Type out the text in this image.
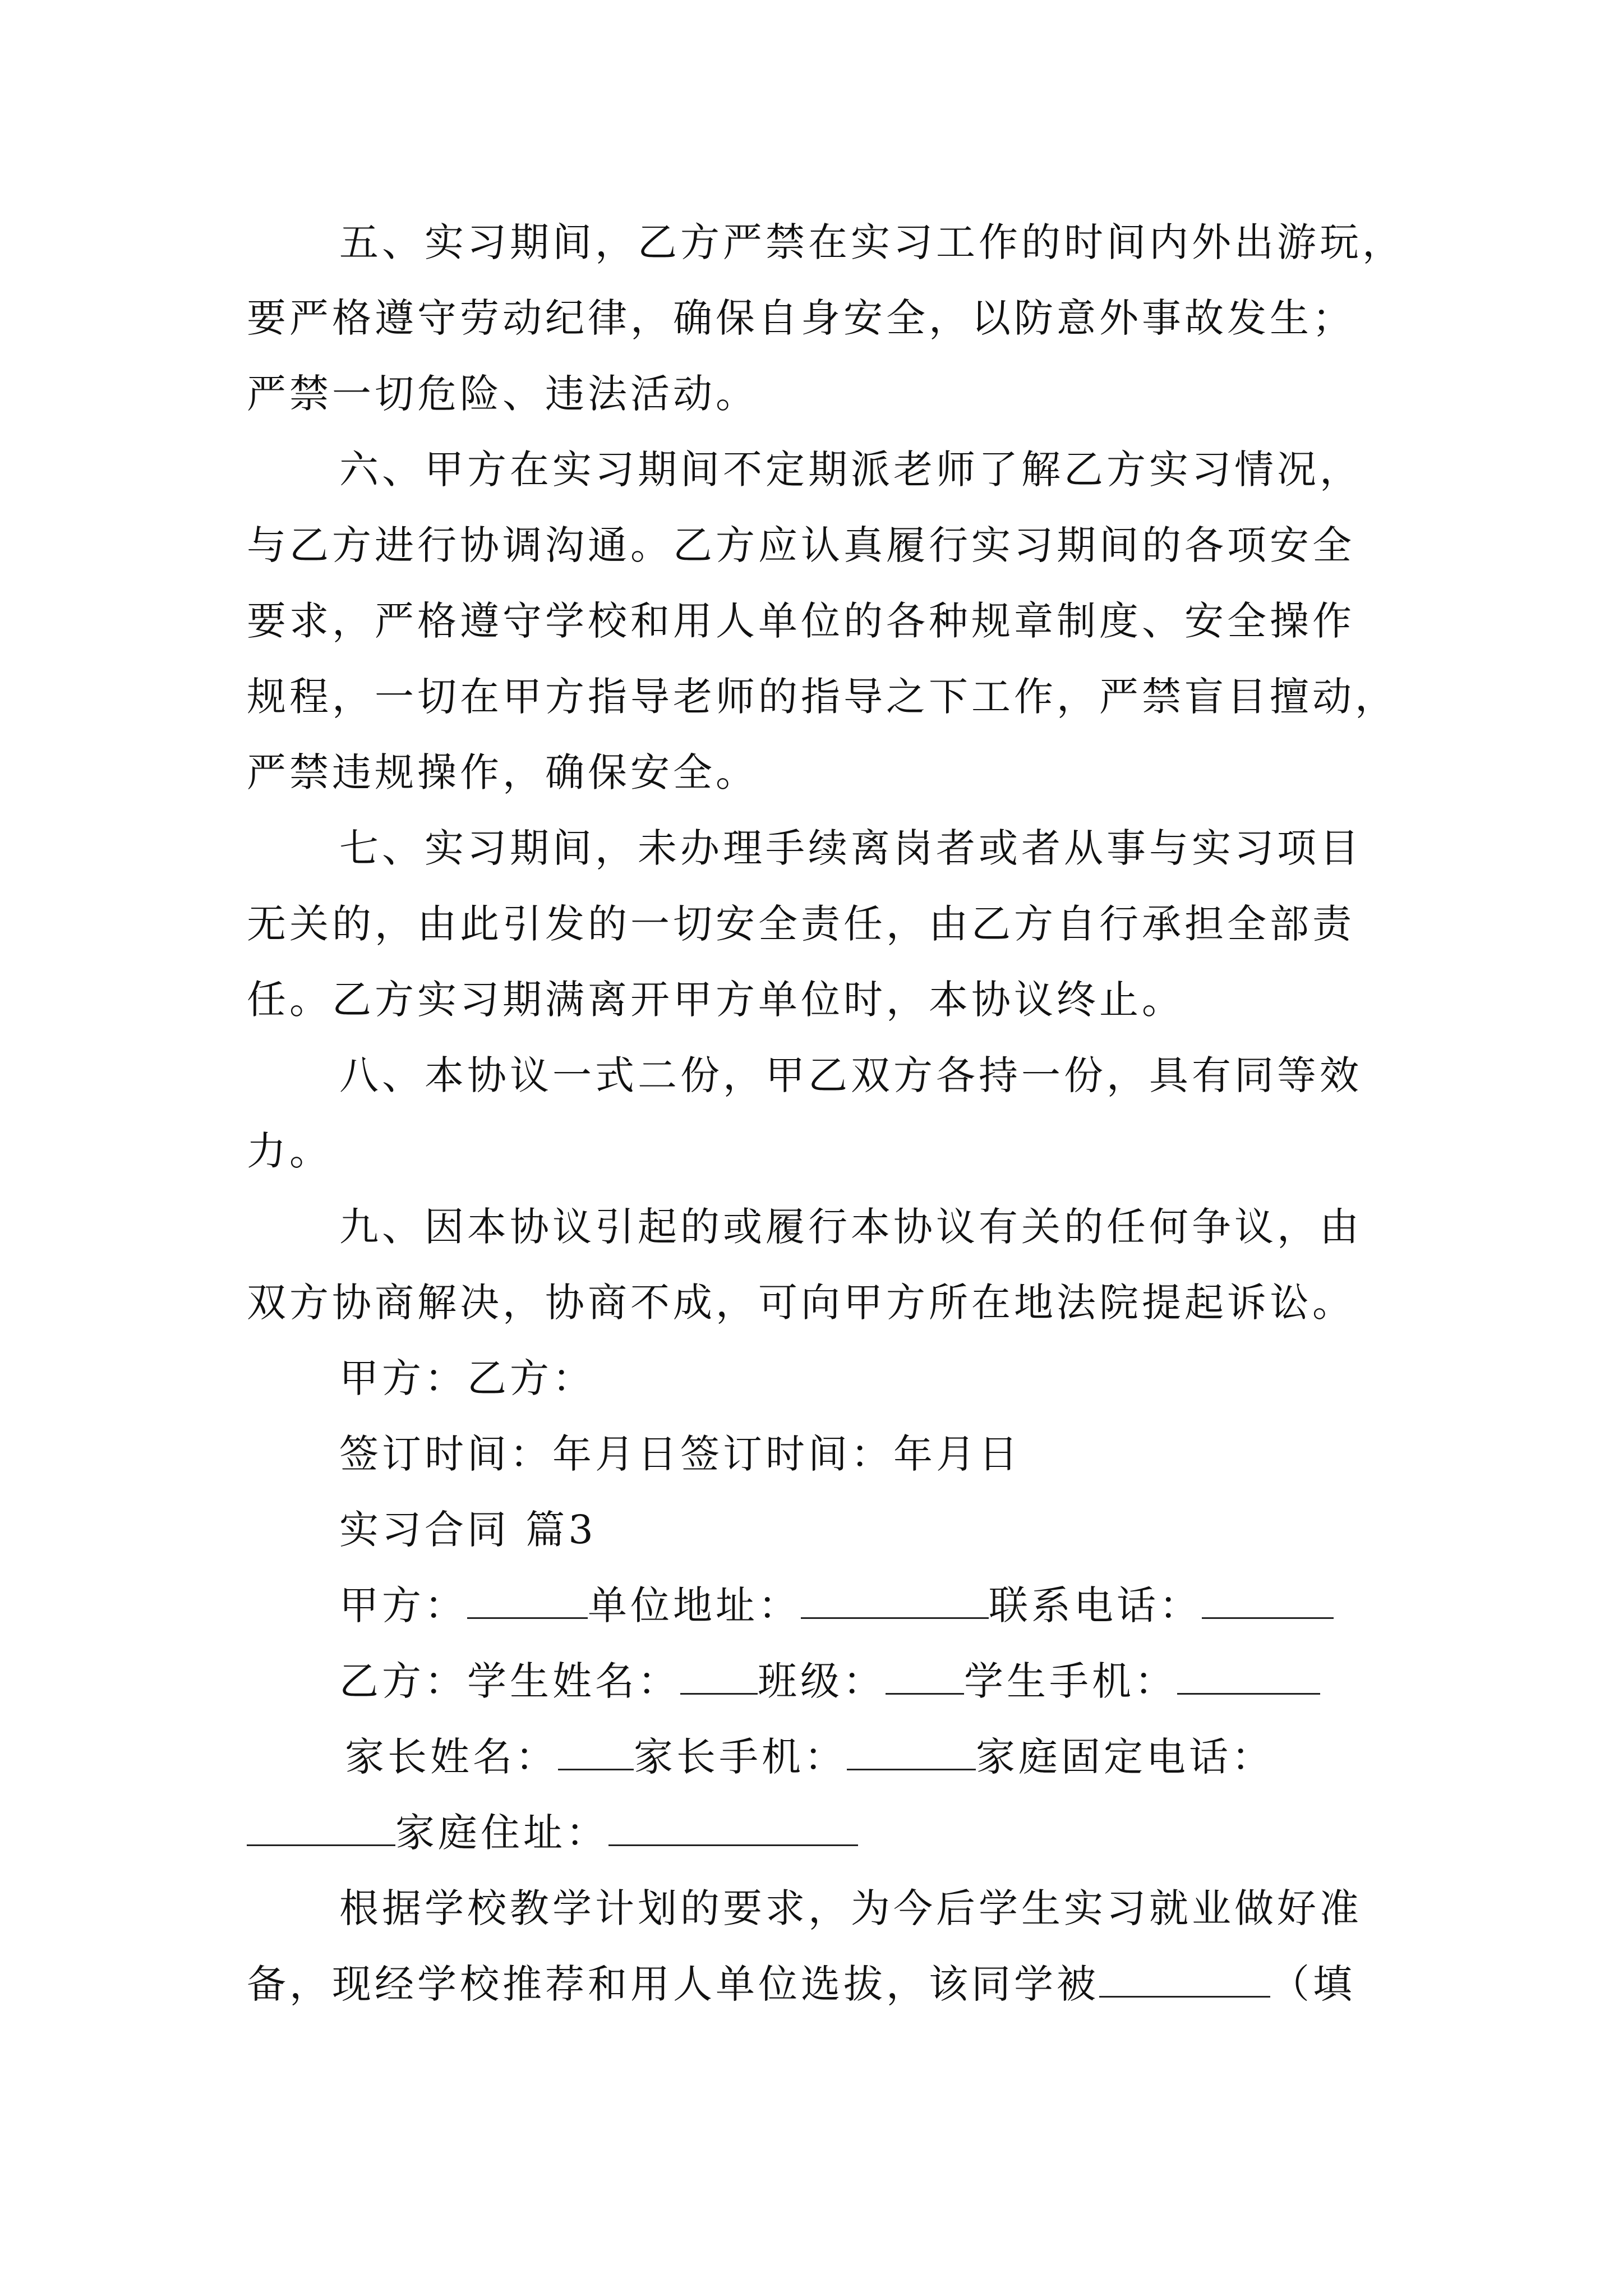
五、实习期间，乙方严禁在实习工作的时间内外出游玩，
要严格遵守劳动纪律，确保自身安全，以防意外事故发生；
严禁一切危险、违法活动。
六、甲方在实习期间不定期派老师了解乙方实习情况，
与乙方进行协调沟通。乙方应认真履行实习期间的各项安全
要求，严格遵守学校和用人单位的各种规章制度、安全操作
规程，一切在甲方指导老师的指导之下工作，严禁盲目擅动，
严禁违规操作，确保安全。
七、实习期间，未办理手续离岗者或者从事与实习项目
无关的，由此引发的一切安全责任，由乙方自行承担全部责
任。乙方实习期满离开甲方单位时，本协议终止。
八、本协议一式二份，甲乙双方各持一份，具有同等效
力。
九、因本协议引起的或履行本协议有关的任何争议，由
双方协商解决，协商不成，可向甲方所在地法院提起诉讼。
甲方：乙方：
签订时间：年月日签订时间：年月日
实习合同 篇3
甲方：	单位地址：	联系电话：
乙方：学生姓名： 班级： 学生手机：
家长姓名： 家长手机：	家庭固定电话：
家庭住址：
根据学校教学计划的要求，为今后学生实习就业做好准
备，现经学校推荐和用人单位选拔，该同学被	（填
